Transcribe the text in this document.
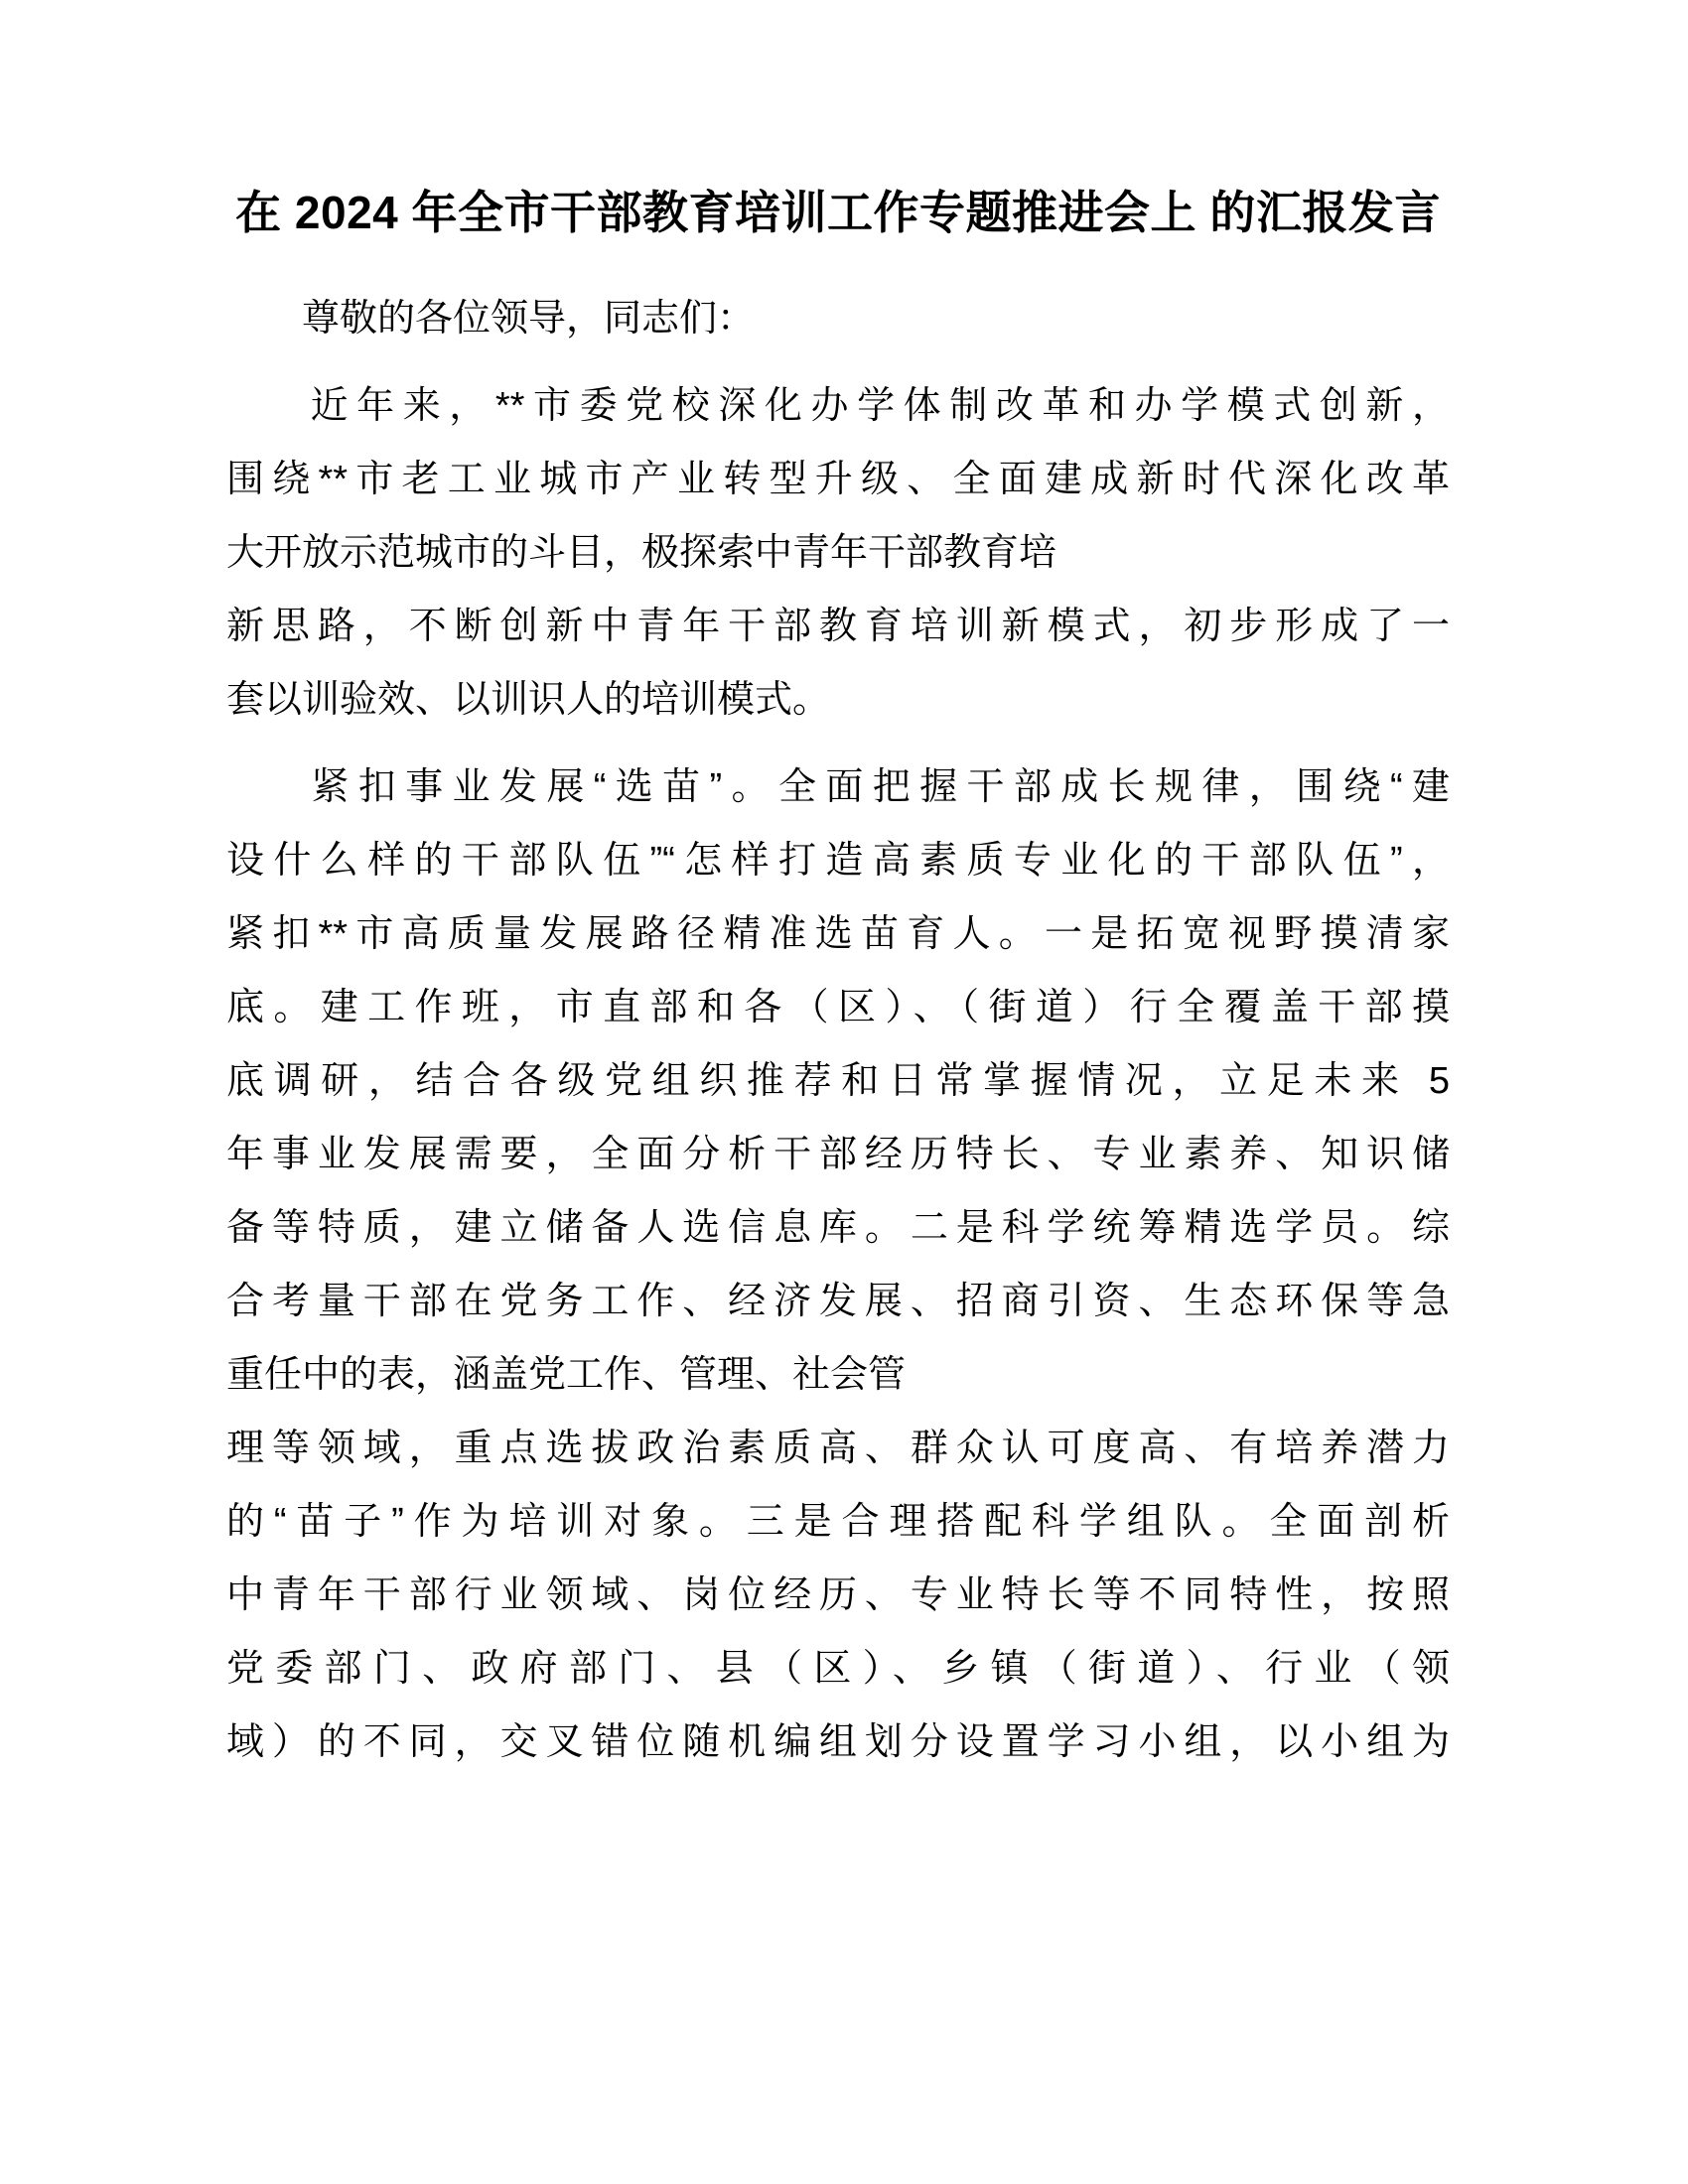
在 2024 年全市干部教育培训工作专题推进会上 的汇报发言

尊敬的各位领导，同志们：

近年来，**市委党校深化办学体制改革和办学模式创新，
围绕**市老工业城市产业转型升级、全面建成新时代深化改革
大开放示范城市的斗目，极探索中青年干部教育培
新思路，不断创新中青年干部教育培训新模式，初步形成了一
套以训验效、以训识人的培训模式。

紧扣事业发展“选苗”。全面把握干部成长规律，围绕“建
设什么样的干部队伍”“怎样打造高素质专业化的干部队伍”，
紧扣**市高质量发展路径精准选苗育人。一是拓宽视野摸清家
底。建工作班，市直部和各（区）、（街道）行全覆盖干部摸
底调研，结合各级党组织推荐和日常掌握情况，立足未来 5
年事业发展需要，全面分析干部经历特长、专业素养、知识储
备等特质，建立储备人选信息库。二是科学统筹精选学员。综
合考量干部在党务工作、经济发展、招商引资、生态环保等急
重任中的表，涵盖党工作、管理、社会管
理等领域，重点选拔政治素质高、群众认可度高、有培养潜力
的“苗子”作为培训对象。三是合理搭配科学组队。全面剖析
中青年干部行业领域、岗位经历、专业特长等不同特性，按照
党委部门、政府部门、县（区）、乡镇（街道）、行业（领
域）的不同，交叉错位随机编组划分设置学习小组，以小组为
